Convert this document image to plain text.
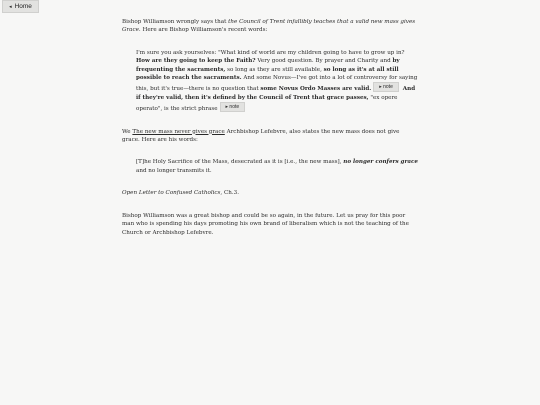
◂ Home

Bishop Williamson wrongly says that the Council of Trent infallibly teaches that a valid new mass gives Grace. Here are Bishop Williamson's recent words:

I'm sure you ask yourselves: "What kind of world are my children going to have to grow up in? How are they going to keep the Faith? Very good question. By prayer and Charity and by frequenting the sacraments, so long as they are still available, so long as it's at all still possible to reach the sacraments. And some Novus—I've got into a lot of controversy for saying this, but it's true—there is no question that some Novus Ordo Masses are valid. ▸ note And if they're valid, then it's defined by the Council of Trent that grace passes, "ex opere operato", is the strict phrase ▸ note

We The new mass never gives grace Archbishop Lefebvre, also states the new mass does not give grace. Here are his words:

[T]he Holy Sacrifice of the Mass, desecrated as it is [i.e., the new mass], no longer confers grace and no longer transmits it.

Open Letter to Confused Catholics, Ch.3.

Bishop Williamson was a great bishop and could be so again, in the future. Let us pray for this poor man who is spending his days promoting his own brand of liberalism which is not the teaching of the Church or Archbishop Lefebvre.
